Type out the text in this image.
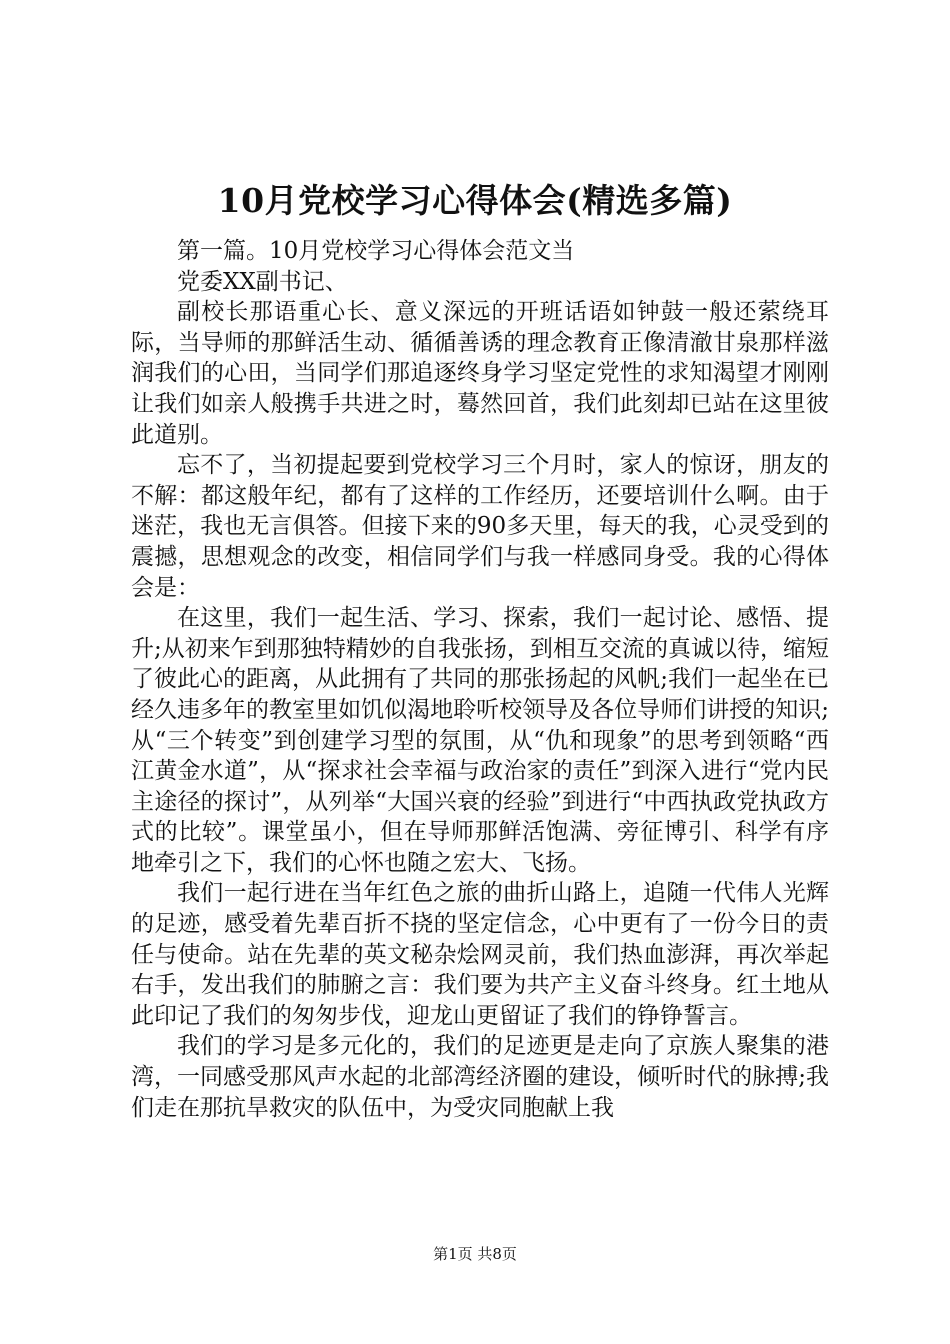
10月党校学习心得体会(精选多篇)

第一篇。10月党校学习心得体会范文当

党委XX副书记、

副校长那语重心长、意义深远的开班话语如钟鼓一般还萦绕耳际，当导师的那鲜活生动、循循善诱的理念教育正像清澈甘泉那样滋润我们的心田，当同学们那追逐终身学习坚定党性的求知渴望才刚刚让我们如亲人般携手共进之时，蓦然回首，我们此刻却已站在这里彼此道别。

忘不了，当初提起要到党校学习三个月时，家人的惊讶，朋友的不解：都这般年纪，都有了这样的工作经历，还要培训什么啊。由于迷茫，我也无言俱答。但接下来的90多天里，每天的我，心灵受到的震撼，思想观念的改变，相信同学们与我一样感同身受。我的心得体会是：

在这里，我们一起生活、学习、探索，我们一起讨论、感悟、提升;从初来乍到那独特精妙的自我张扬，到相互交流的真诚以待，缩短了彼此心的距离，从此拥有了共同的那张扬起的风帆;我们一起坐在已经久违多年的教室里如饥似渴地聆听校领导及各位导师们讲授的知识;从“三个转变”到创建学习型的氛围，从“仇和现象”的思考到领略“西江黄金水道”，从“探求社会幸福与政治家的责任”到深入进行“党内民主途径的探讨”，从列举“大国兴衰的经验”到进行“中西执政党执政方式的比较”。课堂虽小，但在导师那鲜活饱满、旁征博引、科学有序地牵引之下，我们的心怀也随之宏大、飞扬。

我们一起行进在当年红色之旅的曲折山路上，追随一代伟人光辉的足迹，感受着先辈百折不挠的坚定信念，心中更有了一份今日的责任与使命。站在先辈的英文秘杂烩网灵前，我们热血澎湃，再次举起右手，发出我们的肺腑之言：我们要为共产主义奋斗终身。红土地从此印记了我们的匆匆步伐，迎龙山更留证了我们的铮铮誓言。

我们的学习是多元化的，我们的足迹更是走向了京族人聚集的港湾，一同感受那风声水起的北部湾经济圈的建设，倾听时代的脉搏;我们走在那抗旱救灾的队伍中，为受灾同胞献上我

第1页 共8页
